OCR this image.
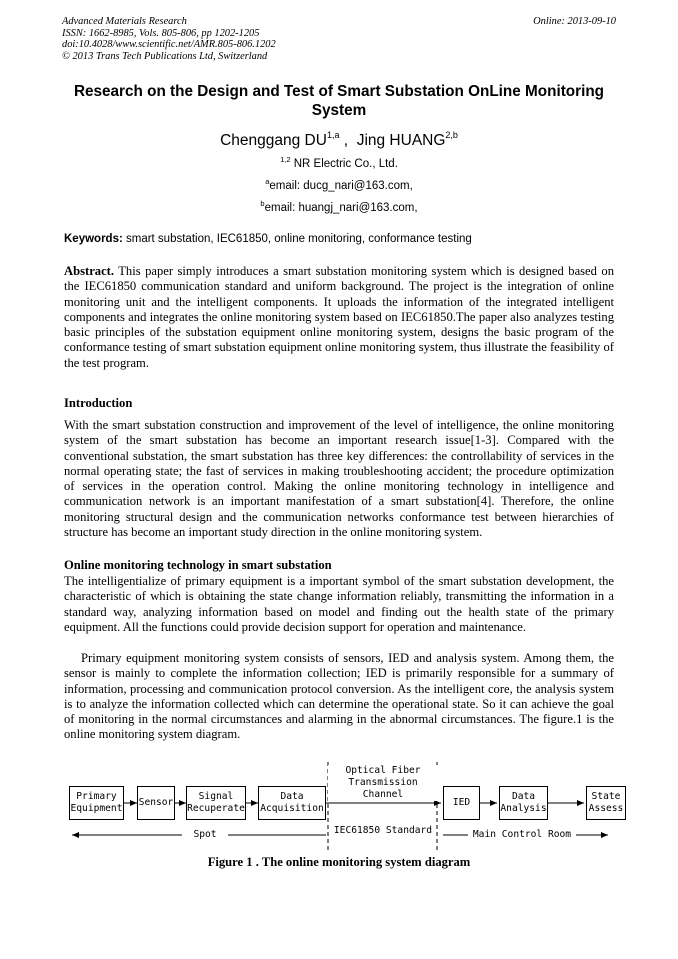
Advanced Materials Research
ISSN: 1662-8985, Vols. 805-806, pp 1202-1205
doi:10.4028/www.scientific.net/AMR.805-806.1202
© 2013 Trans Tech Publications Ltd, Switzerland
Online: 2013-09-10
Research on the Design and Test of Smart Substation OnLine Monitoring
System
Chenggang DU$^{1,a}$ ,  Jing HUANG$^{2,b}$
$^{1,2}$ NR Electric Co., Ltd.
$^a$email: ducg_nari@163.com,
$^b$email: huangj_nari@163.com,
Keywords: smart substation, IEC61850, online monitoring, conformance testing
Abstract. This paper simply introduces a smart substation monitoring system which is designed based on the IEC61850 communication standard and uniform background. The project is the integration of online monitoring unit and the intelligent components. It uploads the information of the integrated intelligent components and integrates the online monitoring system based on IEC61850.The paper also analyzes testing basic principles of the substation equipment online monitoring system, designs the basic program of the conformance testing of smart substation equipment online monitoring system, thus illustrate the feasibility of the test program.
Introduction
With the smart substation construction and improvement of the level of intelligence, the online monitoring system of the smart substation has become an important research issue[1-3]. Compared with the conventional substation, the smart substation has three key differences: the controllability of services in the normal operating state; the fast of services in making troubleshooting accident; the procedure optimization of services in the operation control. Making the online monitoring technology in intelligence and communication network is an important manifestation of a smart substation[4]. Therefore, the online monitoring structural design and the communication networks conformance test between hierarchies of structure has become an important study direction in the online monitoring system.
Online monitoring technology in smart substation
The intelligentialize of primary equipment is a important symbol of the smart substation development, the characteristic of which is obtaining the state change information reliably, transmitting the information in a standard way, analyzing information based on model and finding out the health state of the primary equipment. All the functions could provide decision support for operation and maintenance.
Primary equipment monitoring system consists of sensors, IED and analysis system. Among them, the sensor is mainly to complete the information collection; IED is primarily responsible for a summary of information, processing and communication protocol conversion. As the intelligent core, the analysis system is to analyze the information collected which can determine the operational state. So it can achieve the goal of monitoring in the normal circumstances and alarming in the abnormal circumstances. The figure.1 is the online monitoring system diagram.
Primary
Equipment
Sensor
Signal
Recuperate
Data
Acquisition
IED
Data
Analysis
State
Assess
Optical Fiber
Transmission Channel
Spot	IEC61850 Standard	Main Control Room
Figure 1 . The online monitoring system diagram
